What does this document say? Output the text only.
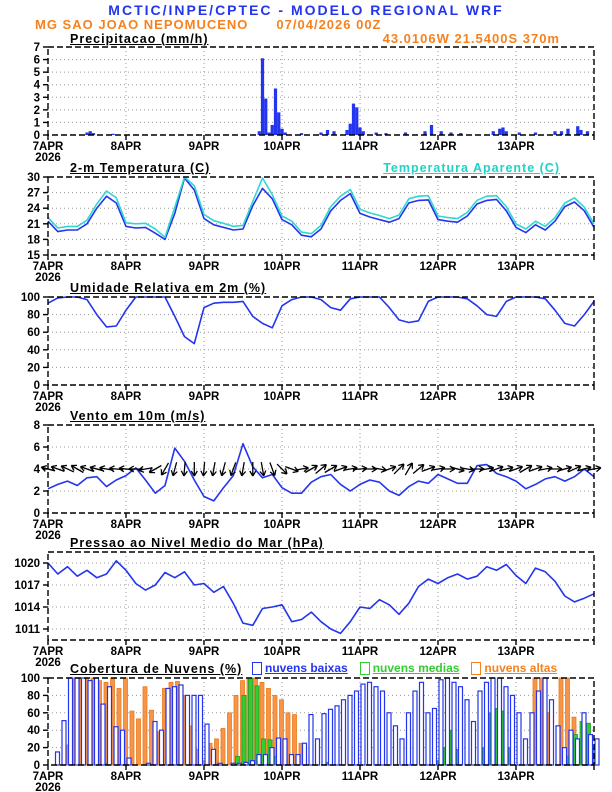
MCTIC/INPE/CPTEC - MODELO REGIONAL WRF
MG SAO JOAO NEPOMUCENO 07/04/2026 00Z
43.0106W 21.5400S 370m
Precipitacao (mm/h)
2-m Temperatura (C)	Temperatura Aparente (C)
Umidade Relativa em 2m (%)
Vento em 10m (m/s)
Pressao ao Nivel Medio do Mar (hPa)
Cobertura de Nuvens (%) nuvens baixas nuvens medias nuvens altas
0
1
2
3
4
5
6
7
7APR	8APR	9APR	10APR	11APR	12APR	13APR
2026
15
18
21
24
27
30
7APR	8APR	9APR	10APR	11APR	12APR	13APR
2026
0
20
40
60
80
100
7APR	8APR	9APR	10APR	11APR	12APR	13APR
2026
0
2
4
6
8
7APR	8APR	9APR	10APR	11APR	12APR	13APR
2026
1011
1014
1017
1020
7APR	8APR	9APR	10APR	11APR	12APR	13APR
2026
0
20
40
60
80
100
7APR	8APR	9APR	10APR	11APR	12APR	13APR
2026
